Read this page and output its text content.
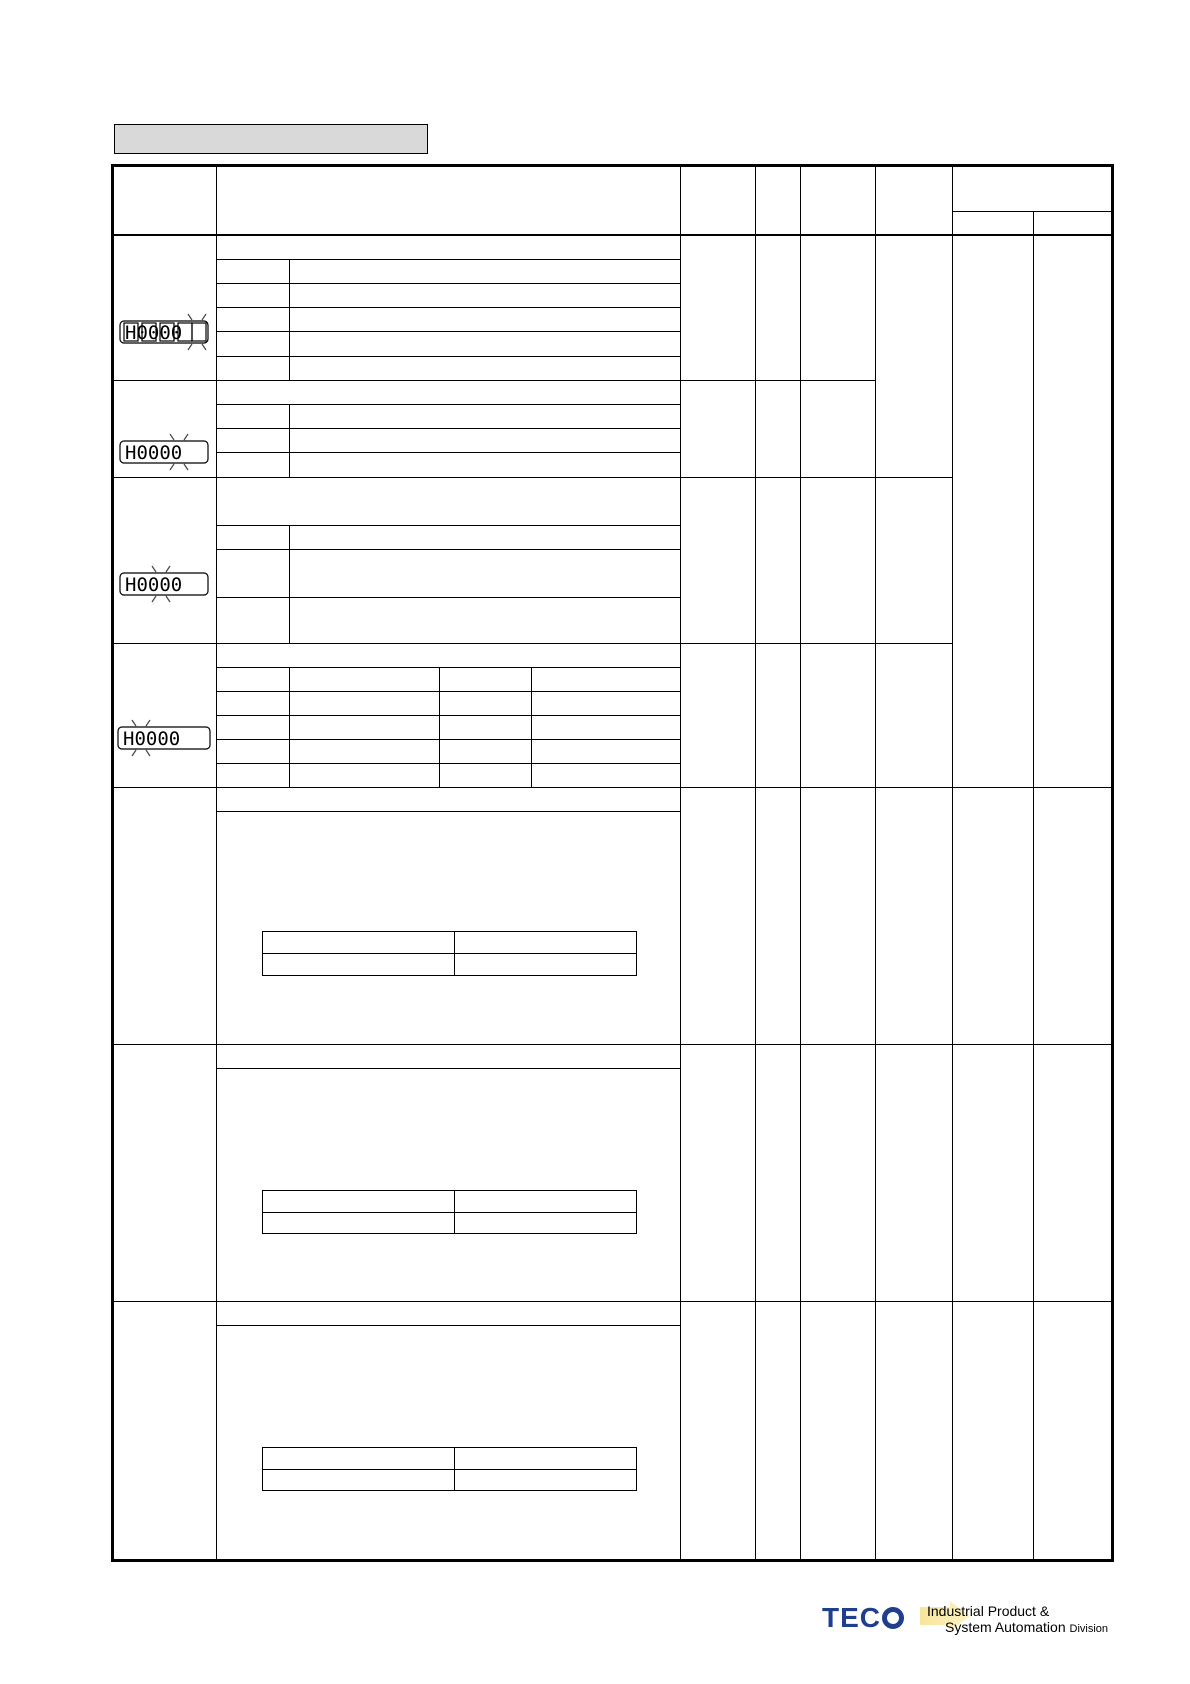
H0000
H0000
H0000
H0000
TEC	Industrial Product &
System Automation Division
